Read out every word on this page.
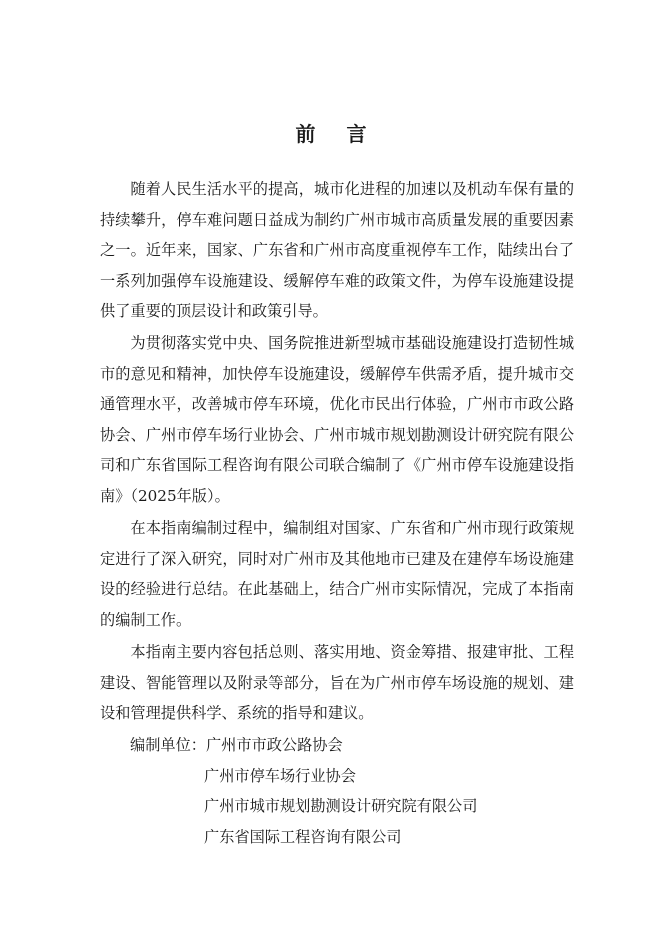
前 言

随着人民生活水平的提高，城市化进程的加速以及机动车保有量的持续攀升，停车难问题日益成为制约广州市城市高质量发展的重要因素之一。近年来，国家、广东省和广州市高度重视停车工作，陆续出台了一系列加强停车设施建设、缓解停车难的政策文件，为停车设施建设提供了重要的顶层设计和政策引导。

为贯彻落实党中央、国务院推进新型城市基础设施建设打造韧性城市的意见和精神，加快停车设施建设，缓解停车供需矛盾，提升城市交通管理水平，改善城市停车环境，优化市民出行体验，广州市市政公路协会、广州市停车场行业协会、广州市城市规划勘测设计研究院有限公司和广东省国际工程咨询有限公司联合编制了《广州市停车设施建设指南》（2025年版）。

在本指南编制过程中，编制组对国家、广东省和广州市现行政策规定进行了深入研究，同时对广州市及其他地市已建及在建停车场设施建设的经验进行总结。在此基础上，结合广州市实际情况，完成了本指南的编制工作。

本指南主要内容包括总则、落实用地、资金筹措、报建审批、工程建设、智能管理以及附录等部分，旨在为广州市停车场设施的规划、建设和管理提供科学、系统的指导和建议。

编制单位：广州市市政公路协会
广州市停车场行业协会
广州市城市规划勘测设计研究院有限公司
广东省国际工程咨询有限公司
